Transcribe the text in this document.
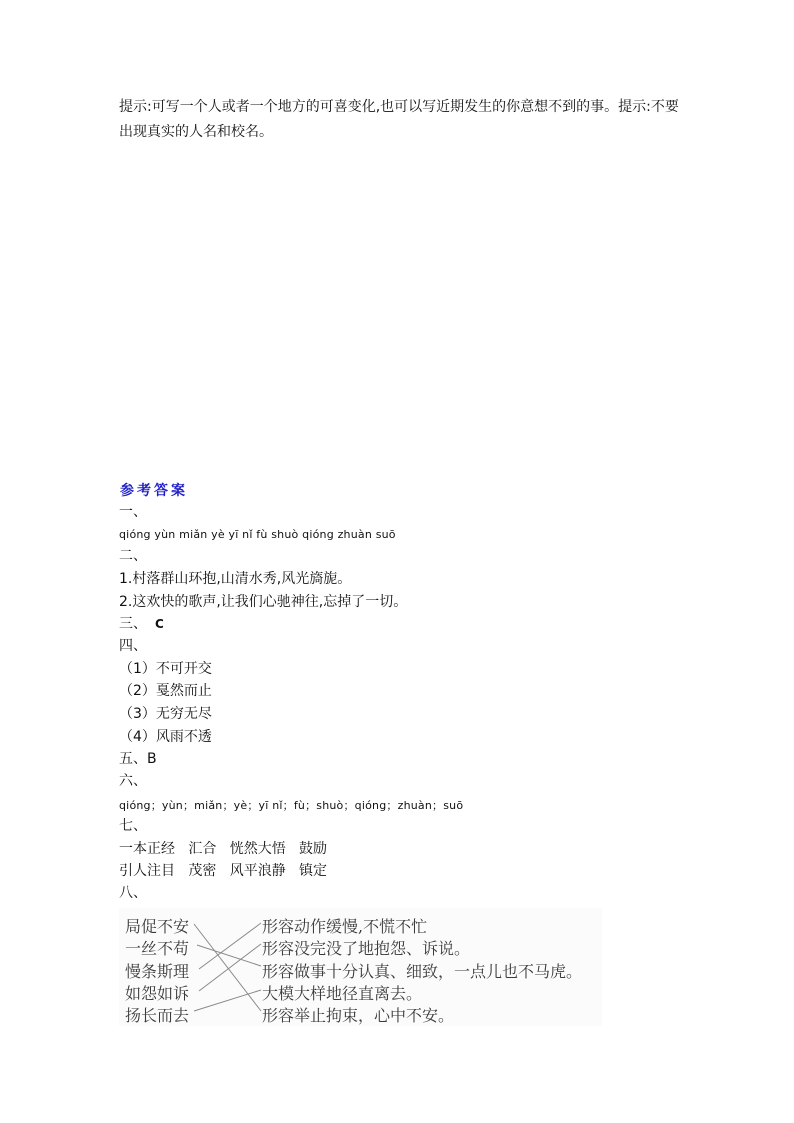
提示:可写一个人或者一个地方的可喜变化,也可以写近期发生的你意想不到的事。提示:不要
出现真实的人名和校名。
参考答案
一、
qióng yùn miǎn yè yī nǐ fù shuò qióng zhuàn suō
二、
1.村落群山环抱,山清水秀,风光旖旎。
2.这欢快的歌声,让我们心驰神往,忘掉了一切。
三、 C
四、
（1）不可开交
（2）戛然而止
（3）无穷无尽
（4）风雨不透
五、B
六、
qióng；yùn；miǎn；yè；yī nǐ；fù；shuò；qióng；zhuàn；suō
七、
一本正经   汇合   恍然大悟   鼓励
引人注目   茂密   风平浪静   镇定
八、
局促不安
一丝不苟
慢条斯理
如怨如诉
扬长而去
形容动作缓慢,不慌不忙
形容没完没了地抱怨、诉说。
形容做事十分认真、细致，一点儿也不马虎。
大模大样地径直离去。
形容举止拘束，心中不安。
